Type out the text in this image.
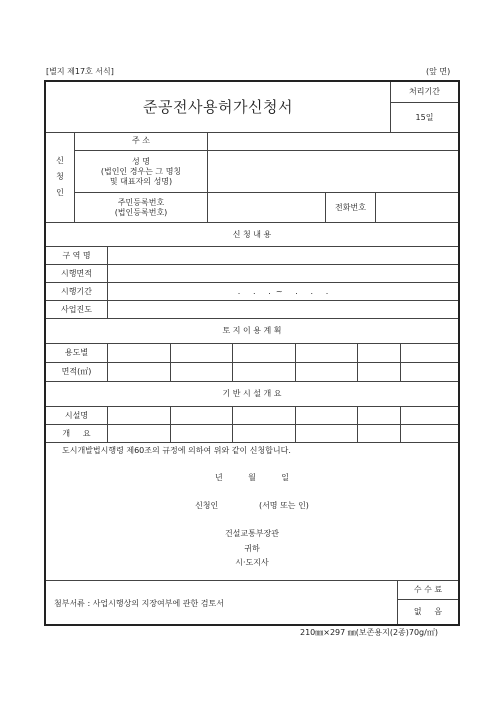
[별지 제17호 서식]	(앞 면)
준공전사용허가신청서
처리기간
15일
신
청
인
주 소
성 명
(법인인 경우는 그 명칭
및 대표자의 성명)
주민등록번호
(법인등록번호)
전화번호
신 청 내 용
구 역 명
시행면적
시행기간	.     .     .  ~     .     .     .
사업진도
토 지 이 용 계 획
용도별
면적(㎡)
기 반 시 설 개 요
시설명
개     요
도시개발법시행령 제60조의 규정에 의하여 위와 같이 신청합니다.
년          월          일
신청인                (서명 또는 인)
건설교통부장관
귀하
시·도지사
첨부서류 : 사업시행상의 지장여부에 관한 검토서
수 수 료
없     음
210㎜×297 ㎜(보존용지(2종)70g/㎡)
